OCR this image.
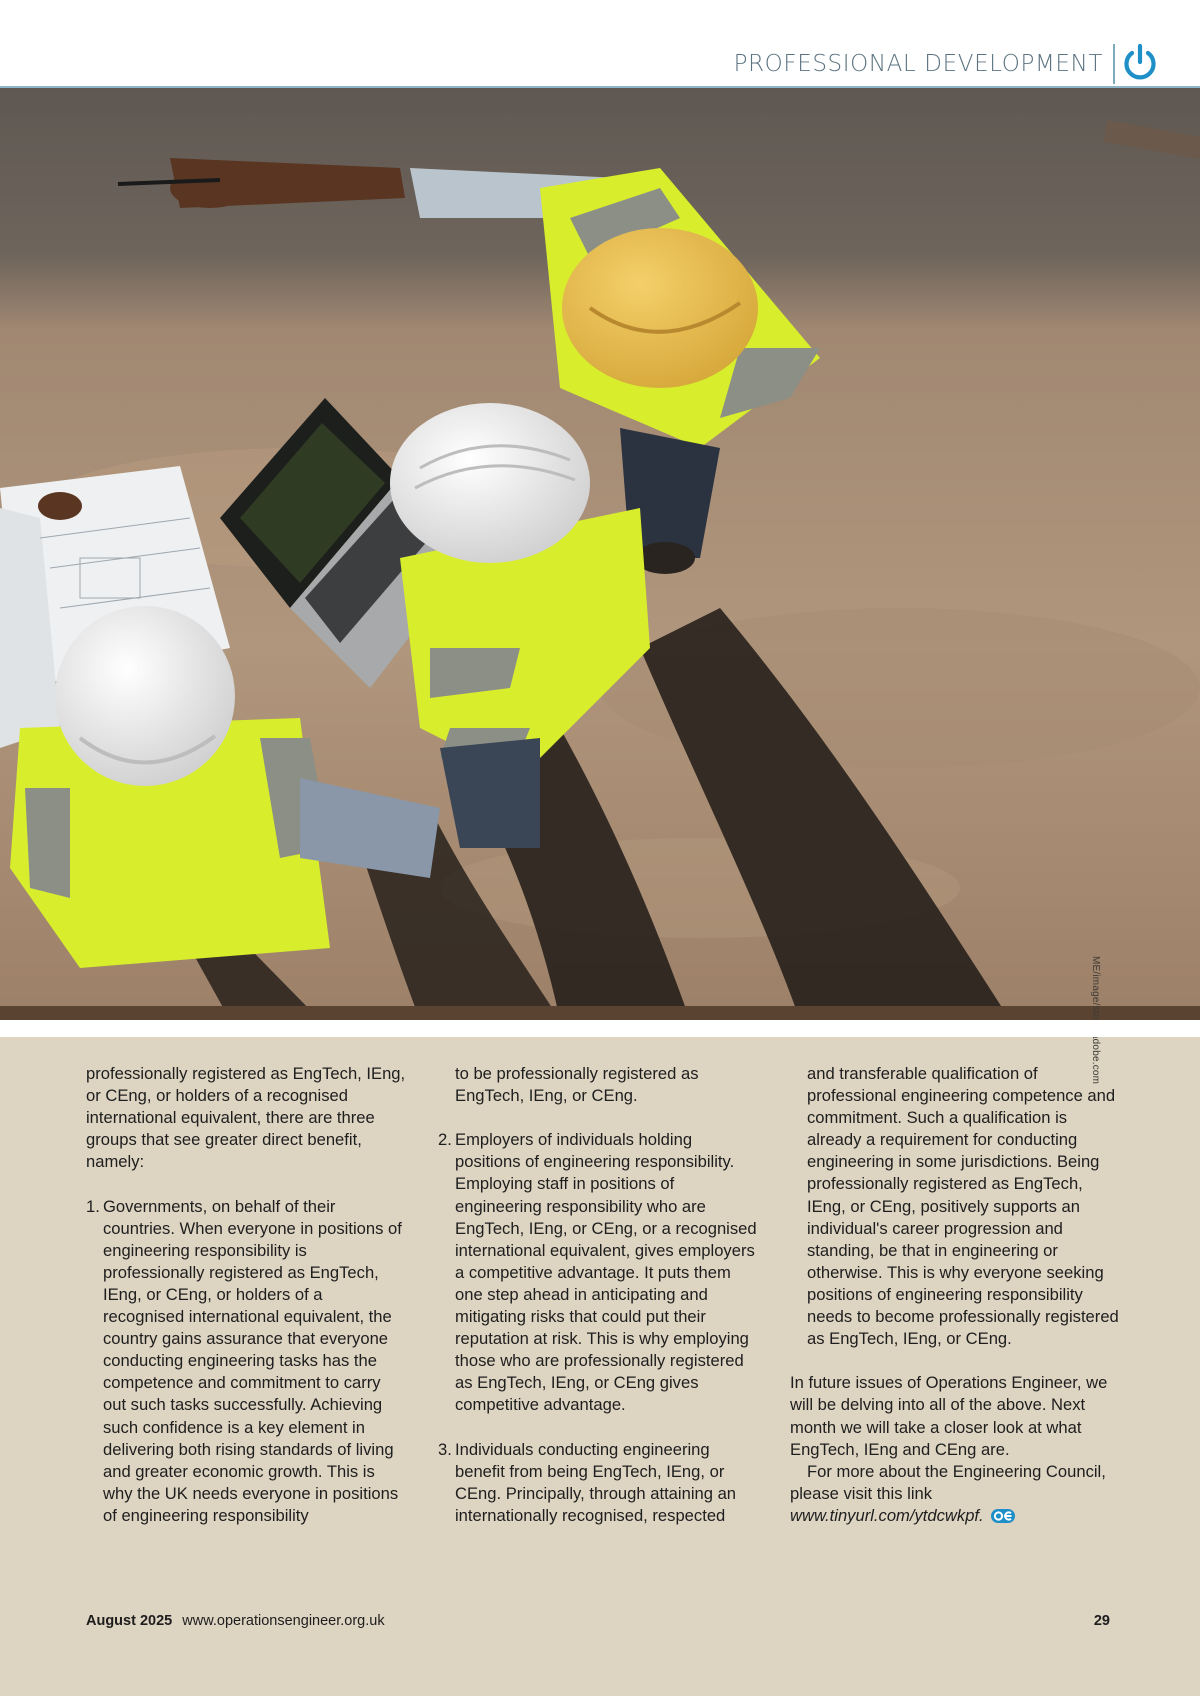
PROFESSIONAL DEVELOPMENT

professionally registered as EngTech, IEng, or CEng, or holders of a recognised international equivalent, there are three groups that see greater direct benefit, namely:

1. Governments, on behalf of their countries. When everyone in positions of engineering responsibility is professionally registered as EngTech, IEng, or CEng, or holders of a recognised international equivalent, the country gains assurance that everyone conducting engineering tasks has the competence and commitment to carry out such tasks successfully. Achieving such confidence is a key element in delivering both rising standards of living and greater economic growth. This is why the UK needs everyone in positions of engineering responsibility

to be professionally registered as EngTech, IEng, or CEng.

2. Employers of individuals holding positions of engineering responsibility. Employing staff in positions of engineering responsibility who are EngTech, IEng, or CEng, or a recognised international equivalent, gives employers a competitive advantage. It puts them one step ahead in anticipating and mitigating risks that could put their reputation at risk. This is why employing those who are professionally registered as EngTech, IEng, or CEng gives competitive advantage.
3. Individuals conducting engineering benefit from being EngTech, IEng, or CEng. Principally, through attaining an internationally recognised, respected

and transferable qualification of professional engineering competence and commitment. Such a qualification is already a requirement for conducting engineering in some jurisdictions. Being professionally registered as EngTech, IEng, or CEng, positively supports an individual's career progression and standing, be that in engineering or otherwise. This is why everyone seeking positions of engineering responsibility needs to become professionally registered as EngTech, IEng, or CEng.

In future issues of Operations Engineer, we will be delving into all of the above. Next month we will take a closer look at what EngTech, IEng and CEng are.

For more about the Engineering Council, please visit this link www.tinyurl.com/ytdcwkpf.

August 2025 www.operationsengineer.org.uk	29
